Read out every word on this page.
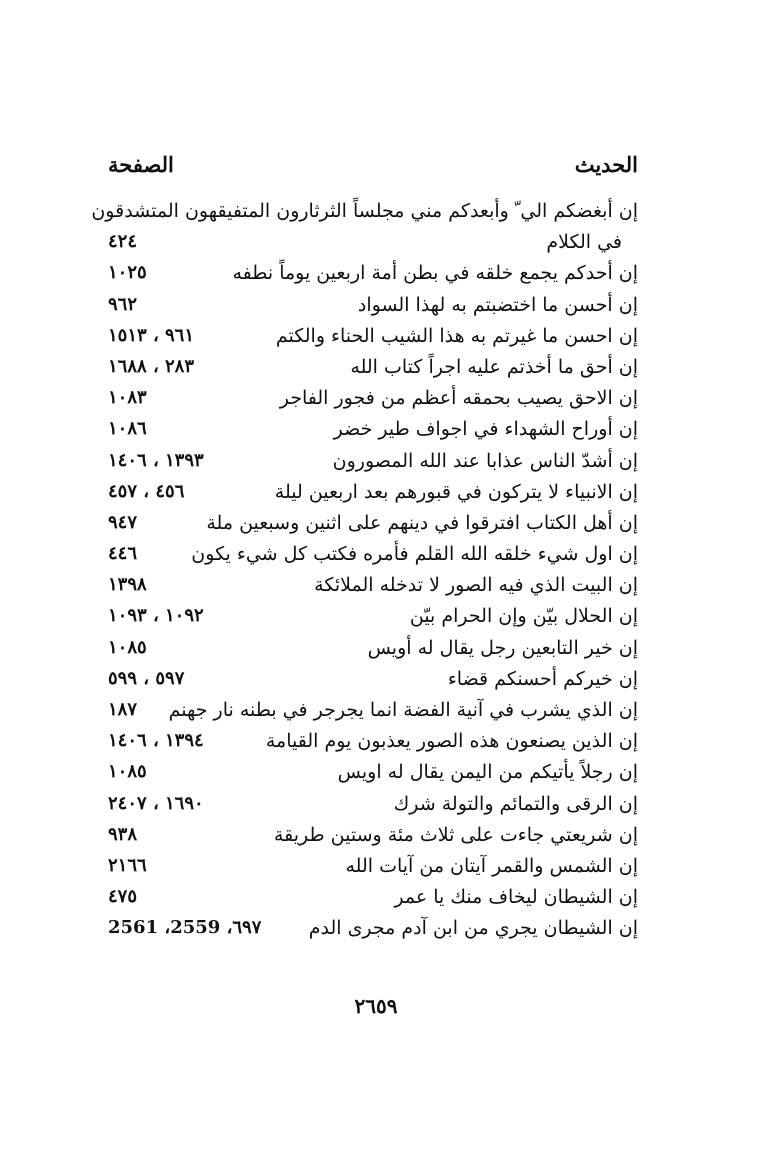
الحديث
الصفحة
إن أبغضكم الي ّ وأبعدكم مني مجلساً الثرثارون المتفيقهون المتشدقون
في الكلام
٤٢٤
إن أحدكم يجمع خلقه في بطن أمة اربعين يوماً نطفه
١٠٢٥
إن أحسن ما اختضبتم به لهذا السواد
٩٦٢
إن احسن ما غيرتم به هذا الشيب الحناء والكتم
٩٦١ ، ١٥١٣
إن أحق ما أخذتم عليه اجراً كتاب الله
٢٨٣ ، ١٦٨٨
إن الاحق يصيب بحمقه أعظم من فجور الفاجر
١٠٨٣
إن أوراح الشهداء في اجواف طير خضر
١٠٨٦
إن أشدّ الناس عذابا عند الله المصورون
١٣٩٣ ، ١٤٠٦
إن الانبياء لا يتركون في قبورهم بعد اربعين ليلة
٤٥٦ ، ٤٥٧
إن أهل الكتاب افترقوا في دينهم على اثنين وسبعين ملة
٩٤٧
إن اول شيء خلقه الله القلم فأمره فكتب كل شيء يكون
٤٤٦
إن البيت الذي فيه الصور لا تدخله الملائكة
١٣٩٨
إن الحلال بيّن وإن الحرام بيّن
١٠٩٢ ، ١٠٩٣
إن خير التابعين رجل يقال له أويس
١٠٨٥
إن خيركم أحسنكم قضاء
٥٩٧ ، ٥٩٩
إن الذي يشرب في آنية الفضة انما يجرجر في بطنه نار جهنم
١٨٧
إن الذين يصنعون هذه الصور يعذبون يوم القيامة
١٣٩٤ ، ١٤٠٦
إن رجلاً يأتيكم من اليمن يقال له اويس
١٠٨٥
إن الرقى والتمائم والتولة شرك
١٦٩٠ ، ٢٤٠٧
إن شريعتي جاءت على ثلاث مئة وستين طريقة
٩٣٨
إن الشمس والقمر آيتان من آيات الله
٢١٦٦
إن الشيطان ليخاف منك يا عمر
٤٧٥
إن الشيطان يجري من ابن آدم مجرى الدم
٦٩٧، 2559، 2561
٢٦٥٩
